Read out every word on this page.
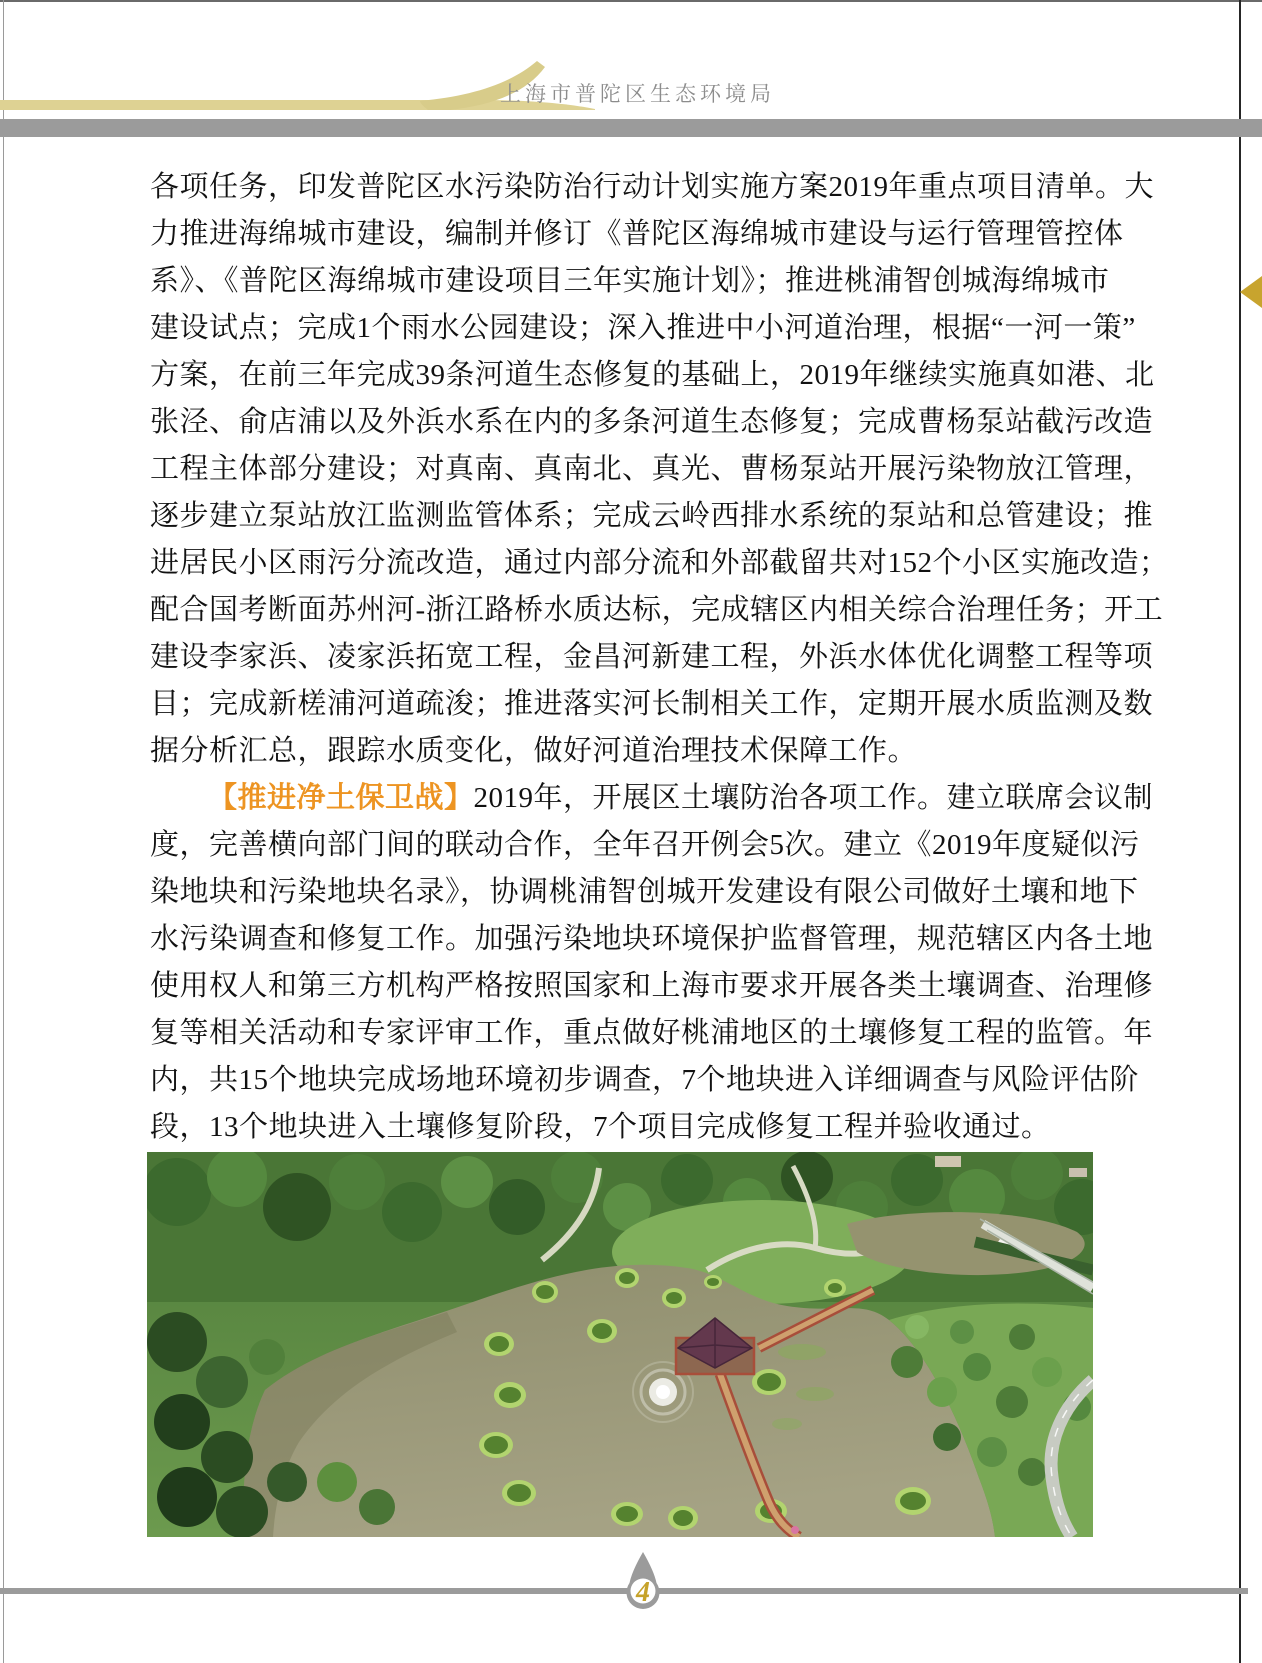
上海市普陀区生态环境局
各项任务，印发普陀区水污染防治行动计划实施方案2019年重点项目清单。大
力推进海绵城市建设，编制并修订《普陀区海绵城市建设与运行管理管控体
系》、《普陀区海绵城市建设项目三年实施计划》；推进桃浦智创城海绵城市
建设试点；完成1个雨水公园建设；深入推进中小河道治理，根据“一河一策”
方案，在前三年完成39条河道生态修复的基础上，2019年继续实施真如港、北
张泾、俞店浦以及外浜水系在内的多条河道生态修复；完成曹杨泵站截污改造
工程主体部分建设；对真南、真南北、真光、曹杨泵站开展污染物放江管理，
逐步建立泵站放江监测监管体系；完成云岭西排水系统的泵站和总管建设；推
进居民小区雨污分流改造，通过内部分流和外部截留共对152个小区实施改造；
配合国考断面苏州河-浙江路桥水质达标，完成辖区内相关综合治理任务；开工
建设李家浜、凌家浜拓宽工程，金昌河新建工程，外浜水体优化调整工程等项
目；完成新槎浦河道疏浚；推进落实河长制相关工作，定期开展水质监测及数
据分析汇总，跟踪水质变化，做好河道治理技术保障工作。
【推进净土保卫战】2019年，开展区土壤防治各项工作。建立联席会议制
度，完善横向部门间的联动合作，全年召开例会5次。建立《2019年度疑似污
染地块和污染地块名录》，协调桃浦智创城开发建设有限公司做好土壤和地下
水污染调查和修复工作。加强污染地块环境保护监督管理，规范辖区内各土地
使用权人和第三方机构严格按照国家和上海市要求开展各类土壤调查、治理修
复等相关活动和专家评审工作，重点做好桃浦地区的土壤修复工程的监管。年
内，共15个地块完成场地环境初步调查，7个地块进入详细调查与风险评估阶
段，13个地块进入土壤修复阶段，7个项目完成修复工程并验收通过。
4
